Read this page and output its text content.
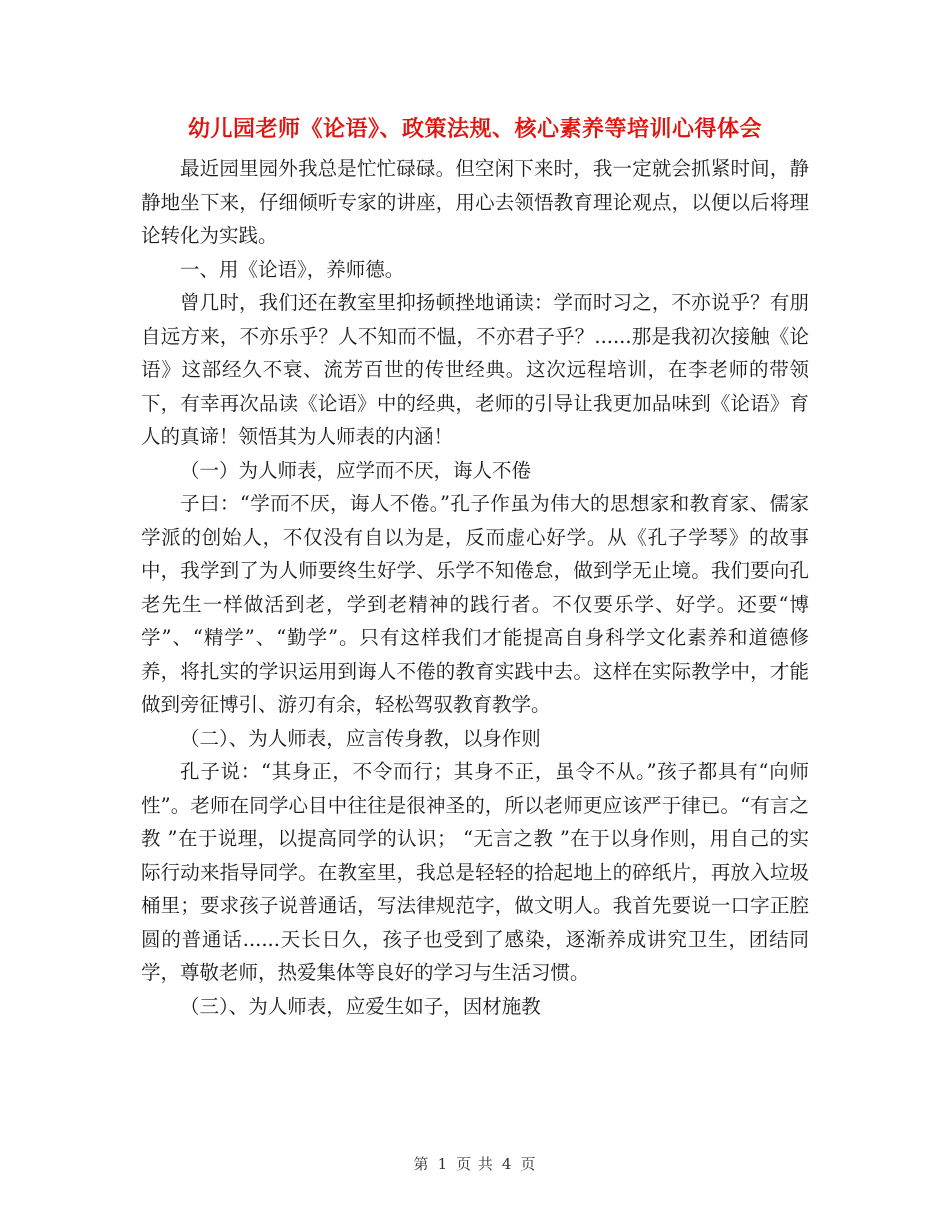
幼儿园老师《论语》、政策法规、核心素养等培训心得体会

最近园里园外我总是忙忙碌碌。但空闲下来时，我一定就会抓紧时间，静静地坐下来，仔细倾听专家的讲座，用心去领悟教育理论观点，以便以后将理论转化为实践。

一、用《论语》，养师德。

曾几时，我们还在教室里抑扬顿挫地诵读：学而时习之，不亦说乎？有朋自远方来，不亦乐乎？人不知而不愠，不亦君子乎？......那是我初次接触《论语》这部经久不衰、流芳百世的传世经典。这次远程培训，在李老师的带领下，有幸再次品读《论语》中的经典，老师的引导让我更加品味到《论语》育人的真谛！领悟其为人师表的内涵！

（一）为人师表，应学而不厌，诲人不倦

子曰：“学而不厌，诲人不倦。”孔子作虽为伟大的思想家和教育家、儒家学派的创始人，不仅没有自以为是，反而虚心好学。从《孔子学琴》的故事中，我学到了为人师要终生好学、乐学不知倦怠，做到学无止境。我们要向孔老先生一样做活到老，学到老精神的践行者。不仅要乐学、好学。还要“博学”、“精学”、“勤学”。只有这样我们才能提高自身科学文化素养和道德修养，将扎实的学识运用到诲人不倦的教育实践中去。这样在实际教学中，才能做到旁征博引、游刃有余，轻松驾驭教育教学。

（二）、为人师表，应言传身教，以身作则

孔子说：“其身正，不令而行；其身不正，虽令不从。”孩子都具有“向师性”。老师在同学心目中往往是很神圣的，所以老师更应该严于律已。“有言之教 ”在于说理，以提高同学的认识； “无言之教 ”在于以身作则，用自己的实际行动来指导同学。在教室里，我总是轻轻的拾起地上的碎纸片，再放入垃圾桶里；要求孩子说普通话，写法律规范字，做文明人。我首先要说一口字正腔圆的普通话......天长日久，孩子也受到了感染，逐渐养成讲究卫生，团结同学，尊敬老师，热爱集体等良好的学习与生活习惯。

（三）、为人师表，应爱生如子，因材施教

第 1 页 共 4 页
